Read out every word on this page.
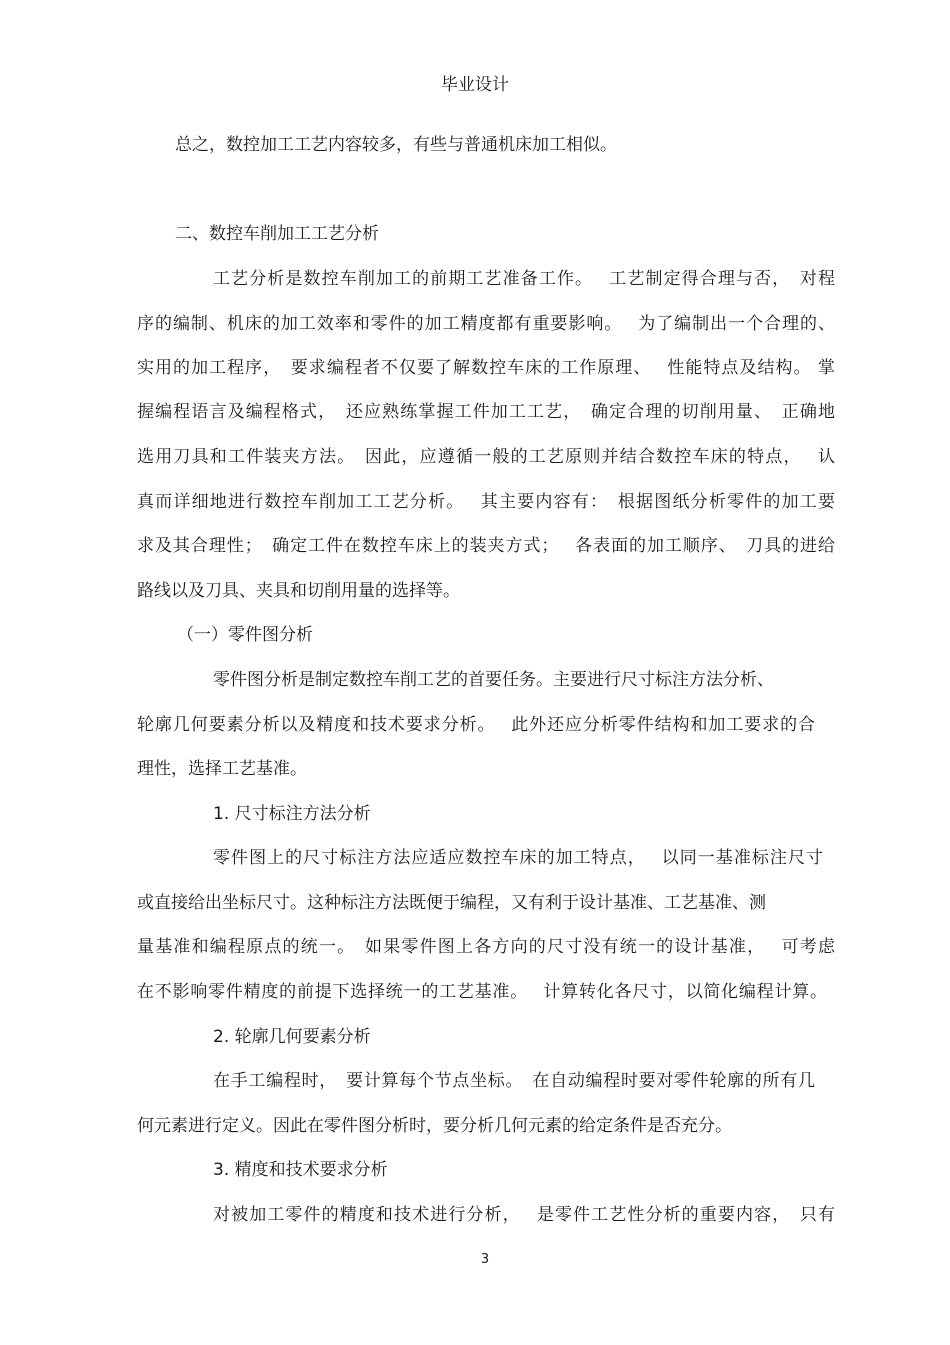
毕业设计
总之，数控加工工艺内容较多，有些与普通机床加工相似。
二、数控车削加工工艺分析
工艺分析是数控车削加工的前期工艺准备工作。　 工艺制定得合理与否，　对程
序的编制、机床的加工效率和零件的加工精度都有重要影响。　 为了编制出一个合理的、
实用的加工程序，　要求编程者不仅要了解数控车床的工作原理、　 性能特点及结构。 掌
握编程语言及编程格式，　还应熟练掌握工件加工工艺，　确定合理的切削用量、　正确地
选用刀具和工件装夹方法。　因此，应遵循一般的工艺原则并结合数控车床的特点，　 认
真而详细地进行数控车削加工工艺分析。　 其主要内容有：　根据图纸分析零件的加工要
求及其合理性；　确定工件在数控车床上的装夹方式；　 各表面的加工顺序、　刀具的进给
路线以及刀具、夹具和切削用量的选择等。
（一）零件图分析
零件图分析是制定数控车削工艺的首要任务。主要进行尺寸标注方法分析、
轮廓几何要素分析以及精度和技术要求分析。　 此外还应分析零件结构和加工要求的合
理性，选择工艺基准。
1. 尺寸标注方法分析
零件图上的尺寸标注方法应适应数控车床的加工特点，　 以同一基准标注尺寸
或直接给出坐标尺寸。这种标注方法既便于编程，又有利于设计基准、工艺基准、测
量基准和编程原点的统一。　如果零件图上各方向的尺寸没有统一的设计基准，　 可考虑
在不影响零件精度的前提下选择统一的工艺基准。　 计算转化各尺寸，以简化编程计算。
2. 轮廓几何要素分析
在手工编程时，　要计算每个节点坐标。　在自动编程时要对零件轮廓的所有几
何元素进行定义。因此在零件图分析时，要分析几何元素的给定条件是否充分。
3. 精度和技术要求分析
对被加工零件的精度和技术进行分析，　 是零件工艺性分析的重要内容，　只有
3
